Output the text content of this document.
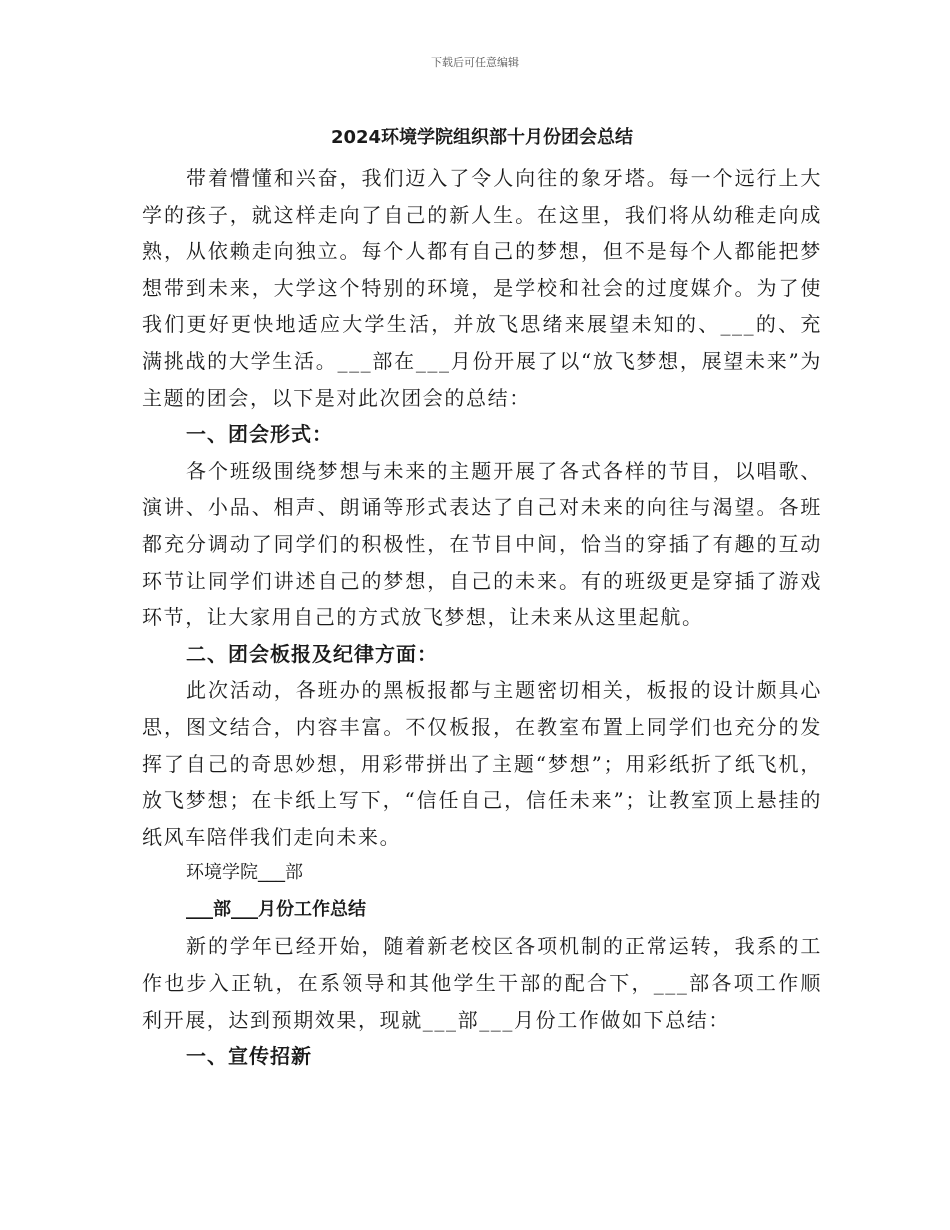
下载后可任意编辑
2024环境学院组织部十月份团会总结

带着懵懂和兴奋，我们迈入了令人向往的象牙塔。每一个远行上大学的孩子，就这样走向了自己的新人生。在这里，我们将从幼稚走向成熟，从依赖走向独立。每个人都有自己的梦想，但不是每个人都能把梦想带到未来，大学这个特别的环境，是学校和社会的过度媒介。为了使我们更好更快地适应大学生活，并放飞思绪来展望未知的、___的、充满挑战的大学生活。___部在___月份开展了以“放飞梦想，展望未来”为主题的团会，以下是对此次团会的总结：

一、团会形式：

各个班级围绕梦想与未来的主题开展了各式各样的节目，以唱歌、演讲、小品、相声、朗诵等形式表达了自己对未来的向往与渴望。各班都充分调动了同学们的积极性，在节目中间，恰当的穿插了有趣的互动环节让同学们讲述自己的梦想，自己的未来。有的班级更是穿插了游戏环节，让大家用自己的方式放飞梦想，让未来从这里起航。

二、团会板报及纪律方面：

此次活动，各班办的黑板报都与主题密切相关，板报的设计颇具心思，图文结合，内容丰富。不仅板报，在教室布置上同学们也充分的发挥了自己的奇思妙想，用彩带拼出了主题“梦想”；用彩纸折了纸飞机，放飞梦想；在卡纸上写下，“信任自己，信任未来”；让教室顶上悬挂的纸风车陪伴我们走向未来。

环境学院___部

___部___月份工作总结

新的学年已经开始，随着新老校区各项机制的正常运转，我系的工作也步入正轨，在系领导和其他学生干部的配合下，___部各项工作顺利开展，达到预期效果，现就___部___月份工作做如下总结：

一、宣传招新
